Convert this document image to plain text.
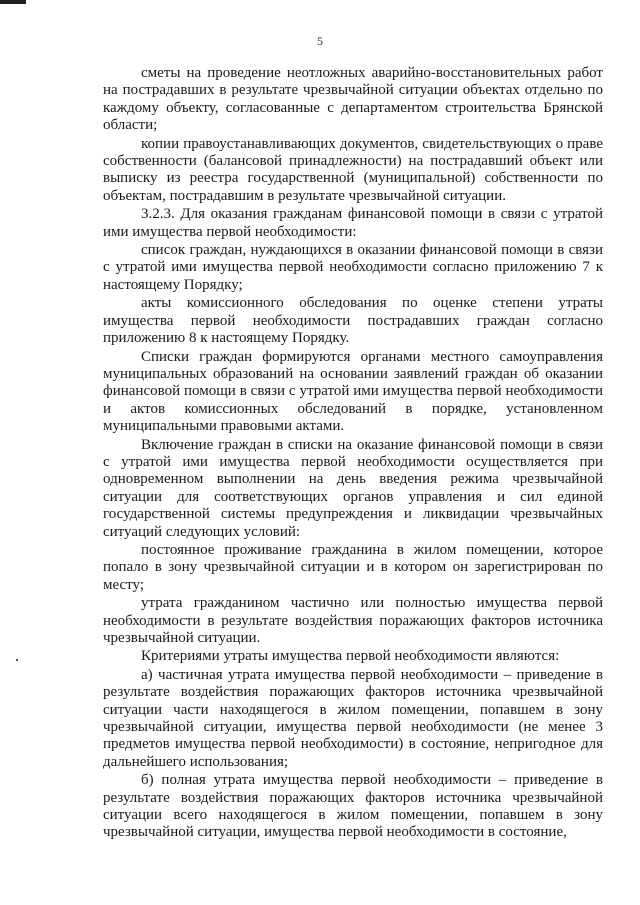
5

сметы на проведение неотложных аварийно-восстановительных работ на пострадавших в результате чрезвычайной ситуации объектах отдельно по каждому объекту, согласованные с департаментом строительства Брянской области;

копии правоустанавливающих документов, свидетельствующих о праве собственности (балансовой принадлежности) на пострадавший объект или выписку из реестра государственной (муниципальной) собственности по объектам, пострадавшим в результате чрезвычайной ситуации.

3.2.3. Для оказания гражданам финансовой помощи в связи с утратой ими имущества первой необходимости:

список граждан, нуждающихся в оказании финансовой помощи в связи с утратой ими имущества первой необходимости согласно приложению 7 к настоящему Порядку;

акты комиссионного обследования по оценке степени утраты имущества первой необходимости пострадавших граждан согласно приложению 8 к настоящему Порядку.

Списки граждан формируются органами местного самоуправления муниципальных образований на основании заявлений граждан об оказании финансовой помощи в связи с утратой ими имущества первой необходимости и актов комиссионных обследований в порядке, установленном муниципальными правовыми актами.

Включение граждан в списки на оказание финансовой помощи в связи с утратой ими имущества первой необходимости осуществляется при одновременном выполнении на день введения режима чрезвычайной ситуации для соответствующих органов управления и сил единой государственной системы предупреждения и ликвидации чрезвычайных ситуаций следующих условий:

постоянное проживание гражданина в жилом помещении, которое попало в зону чрезвычайной ситуации и в котором он зарегистрирован по месту;

утрата гражданином частично или полностью имущества первой необходимости в результате воздействия поражающих факторов источника чрезвычайной ситуации.

Критериями утраты имущества первой необходимости являются:

а) частичная утрата имущества первой необходимости – приведение в результате воздействия поражающих факторов источника чрезвычайной ситуации части находящегося в жилом помещении, попавшем в зону чрезвычайной ситуации, имущества первой необходимости (не менее 3 предметов имущества первой необходимости) в состояние, непригодное для дальнейшего использования;

б) полная утрата имущества первой необходимости – приведение в результате воздействия поражающих факторов источника чрезвычайной ситуации всего находящегося в жилом помещении, попавшем в зону чрезвычайной ситуации, имущества первой необходимости в состояние,
